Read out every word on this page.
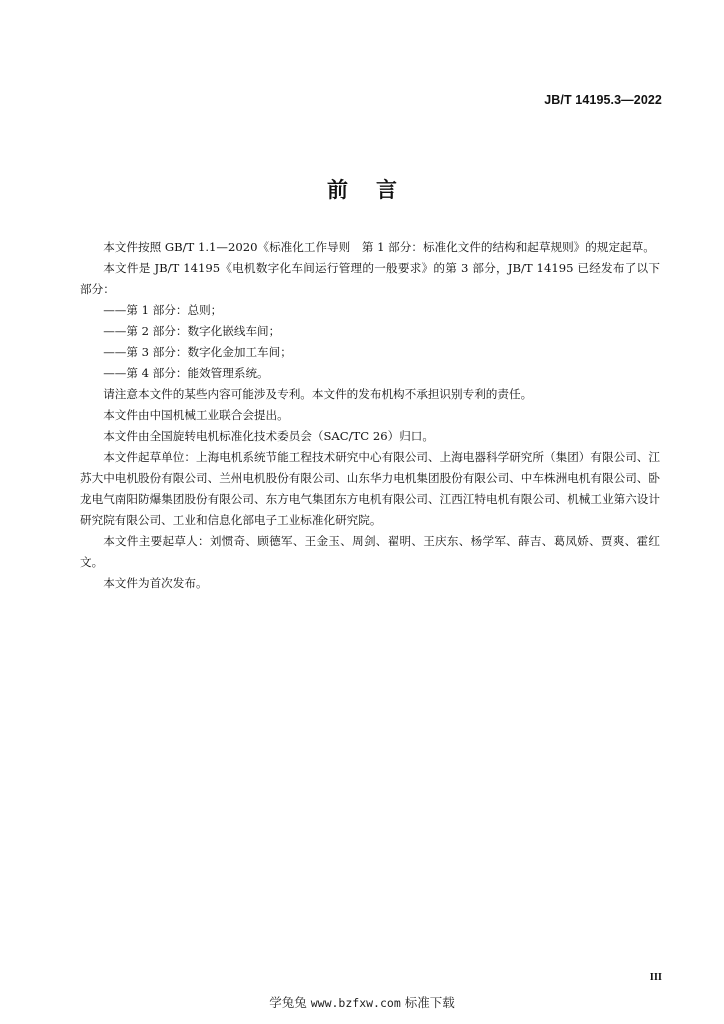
JB/T 14195.3—2022
前言

本文件按照 GB/T 1.1—2020《标准化工作导则　第 1 部分：标准化文件的结构和起草规则》的规定起草。

本文件是 JB/T 14195《电机数字化车间运行管理的一般要求》的第 3 部分，JB/T 14195 已经发布了以下部分：

——第 1 部分：总则；

——第 2 部分：数字化嵌线车间；

——第 3 部分：数字化金加工车间；

——第 4 部分：能效管理系统。

请注意本文件的某些内容可能涉及专利。本文件的发布机构不承担识别专利的责任。

本文件由中国机械工业联合会提出。

本文件由全国旋转电机标准化技术委员会（SAC/TC 26）归口。

本文件起草单位：上海电机系统节能工程技术研究中心有限公司、上海电器科学研究所（集团）有限公司、江苏大中电机股份有限公司、兰州电机股份有限公司、山东华力电机集团股份有限公司、中车株洲电机有限公司、卧龙电气南阳防爆集团股份有限公司、东方电气集团东方电机有限公司、江西江特电机有限公司、机械工业第六设计研究院有限公司、工业和信息化部电子工业标准化研究院。

本文件主要起草人：刘惯奇、顾德军、王金玉、周剑、翟明、王庆东、杨学军、薛吉、葛凤娇、贾爽、霍红文。

本文件为首次发布。

III
学兔兔 www.bzfxw.com 标准下载
